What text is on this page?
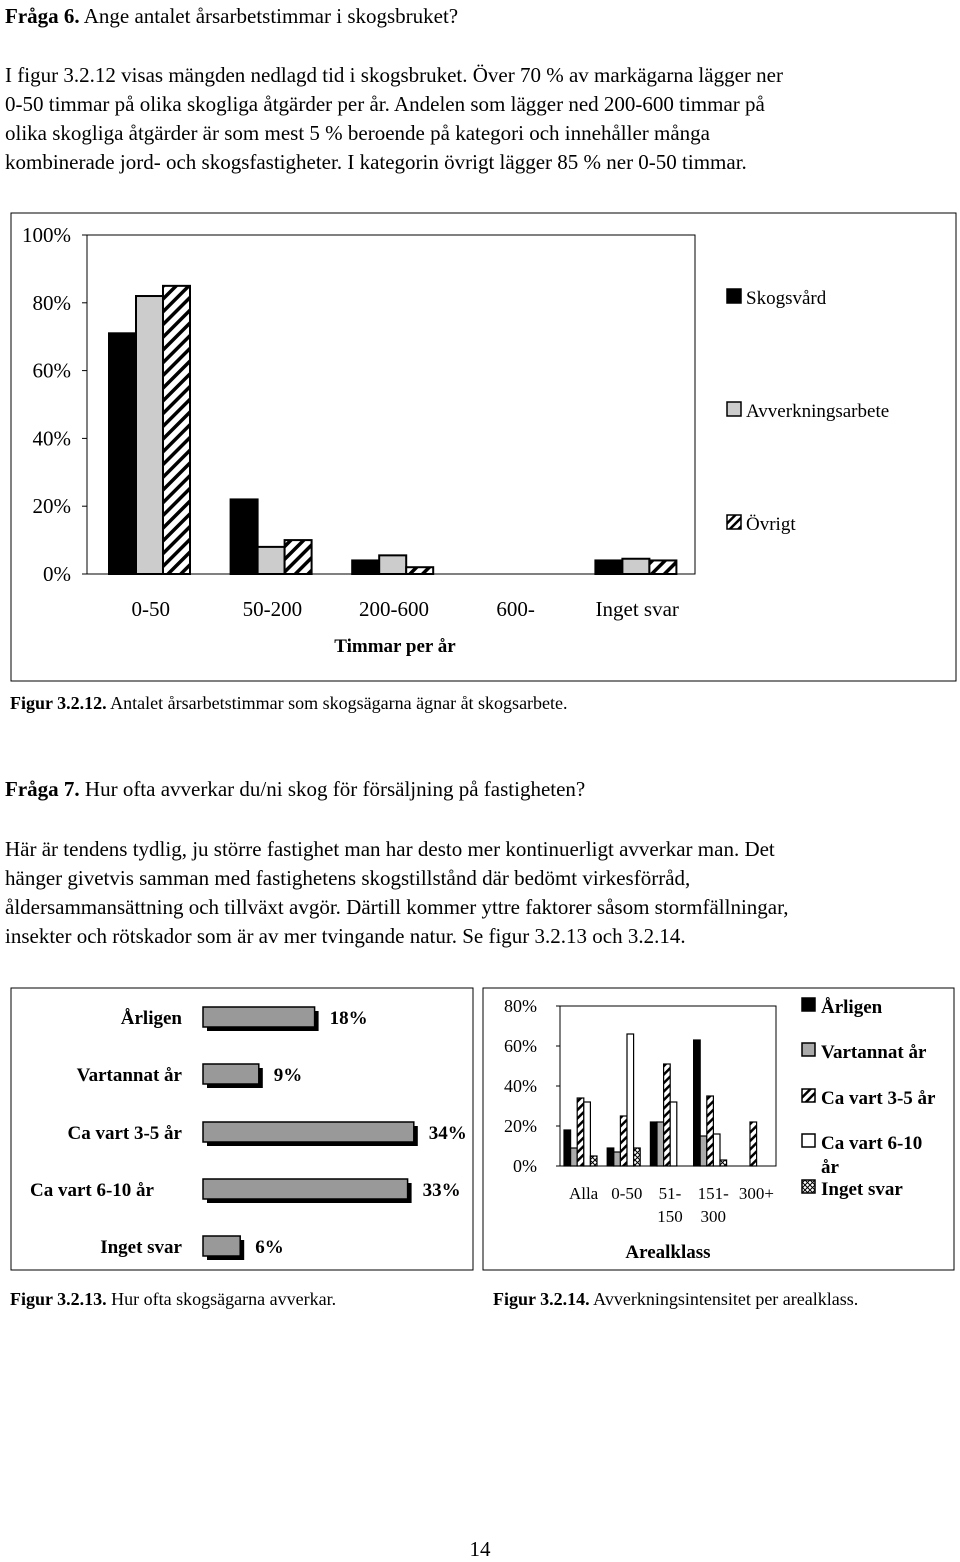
Fråga 6. Ange antalet årsarbetstimmar i skogsbruket?
I figur 3.2.12 visas mängden nedlagd tid i skogsbruket. Över 70 % av markägarna lägger ner
0-50 timmar på olika skogliga åtgärder per år. Andelen som lägger ned 200-600 timmar på
olika skogliga åtgärder är som mest 5 % beroende på kategori och innehåller många
kombinerade jord- och skogsfastigheter. I kategorin övrigt lägger 85 % ner 0-50 timmar.
0%
20%
40%
60%
80%
100%
0-50	50-200	200-600	600-	Inget svar
Timmar per år
Skogsvård
Avverkningsarbete
Övrigt
Figur 3.2.12. Antalet årsarbetstimmar som skogsägarna ägnar åt skogsarbete.
Fråga 7. Hur ofta avverkar du/ni skog för försäljning på fastigheten?
Här är tendens tydlig, ju större fastighet man har desto mer kontinuerligt avverkar man. Det
hänger givetvis samman med fastighetens skogstillstånd där bedömt virkesförråd,
åldersammansättning och tillväxt avgör. Därtill kommer yttre faktorer såsom stormfällningar,
insekter och rötskador som är av mer tvingande natur. Se figur 3.2.13 och 3.2.14.
Årligen	18%
Vartannat år	9%
Ca vart 3-5 år	34%
Ca vart 6-10 år	33%
Inget svar	6%
Figur 3.2.13. Hur ofta skogsägarna avverkar.
0%
20%
40%
60%
80%
Alla 0-50 51-
150
151-
300
300+
Arealklass
Årligen
Vartannat år
Ca vart 3-5 år
Ca vart 6-10
år
Inget svar
Figur 3.2.14. Avverkningsintensitet per arealklass.
14
